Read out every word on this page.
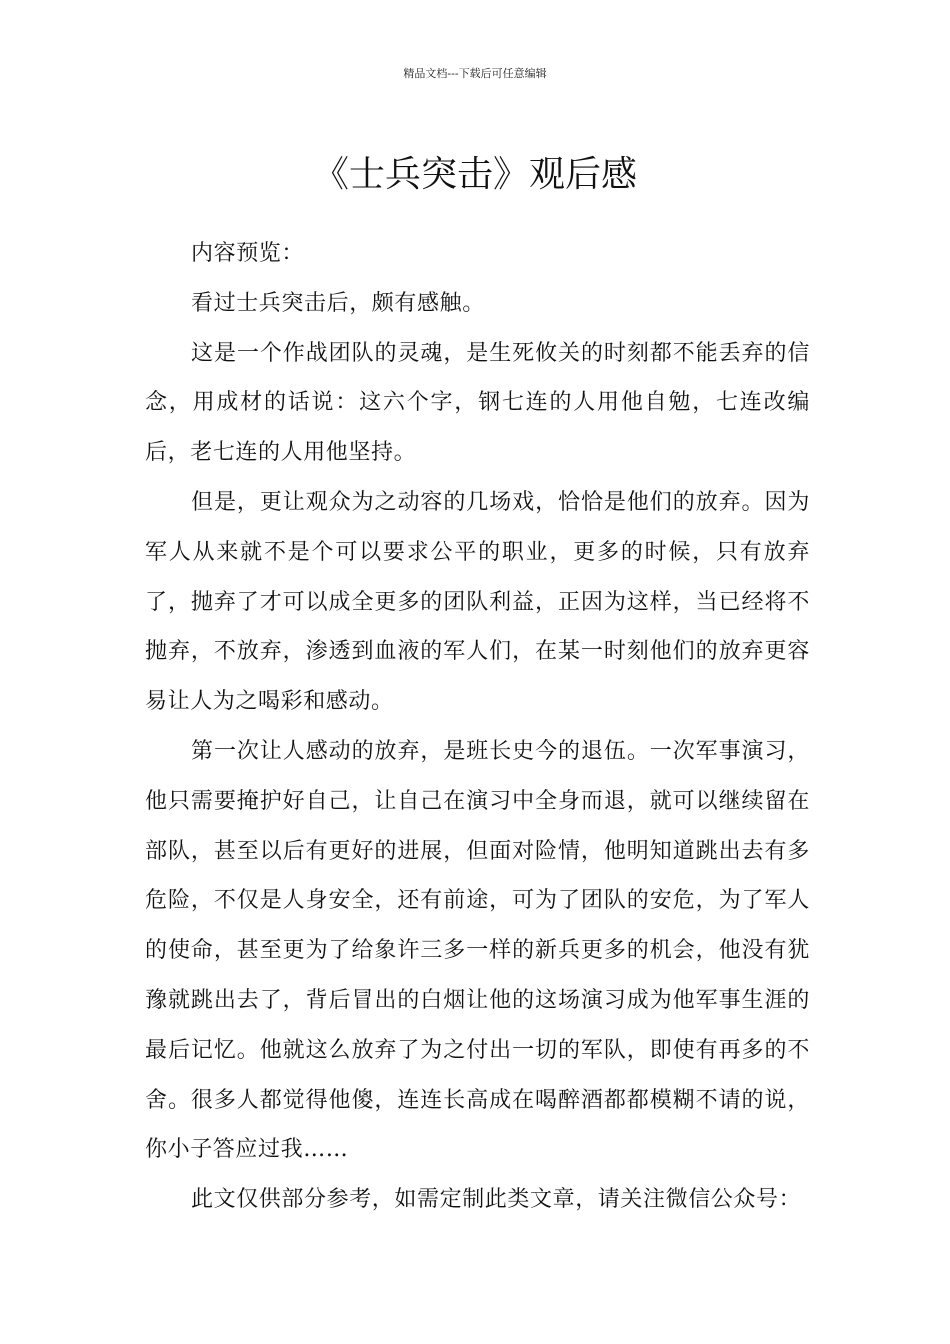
精品文档---下载后可任意编辑
《士兵突击》观后感

内容预览：

看过士兵突击后，颇有感触。

这是一个作战团队的灵魂，是生死攸关的时刻都不能丢弃的信念，用成材的话说：这六个字，钢七连的人用他自勉，七连改编后，老七连的人用他坚持。

但是，更让观众为之动容的几场戏，恰恰是他们的放弃。因为军人从来就不是个可以要求公平的职业，更多的时候，只有放弃了，抛弃了才可以成全更多的团队利益，正因为这样，当已经将不抛弃，不放弃，渗透到血液的军人们，在某一时刻他们的放弃更容易让人为之喝彩和感动。

第一次让人感动的放弃，是班长史今的退伍。一次军事演习，他只需要掩护好自己，让自己在演习中全身而退，就可以继续留在部队，甚至以后有更好的进展，但面对险情，他明知道跳出去有多危险，不仅是人身安全，还有前途，可为了团队的安危，为了军人的使命，甚至更为了给象许三多一样的新兵更多的机会，他没有犹豫就跳出去了，背后冒出的白烟让他的这场演习成为他军事生涯的最后记忆。他就这么放弃了为之付出一切的军队，即使有再多的不舍。很多人都觉得他傻，连连长高成在喝醉酒都都模糊不请的说，你小子答应过我……

此文仅供部分参考，如需定制此类文章，请关注微信公众号：
